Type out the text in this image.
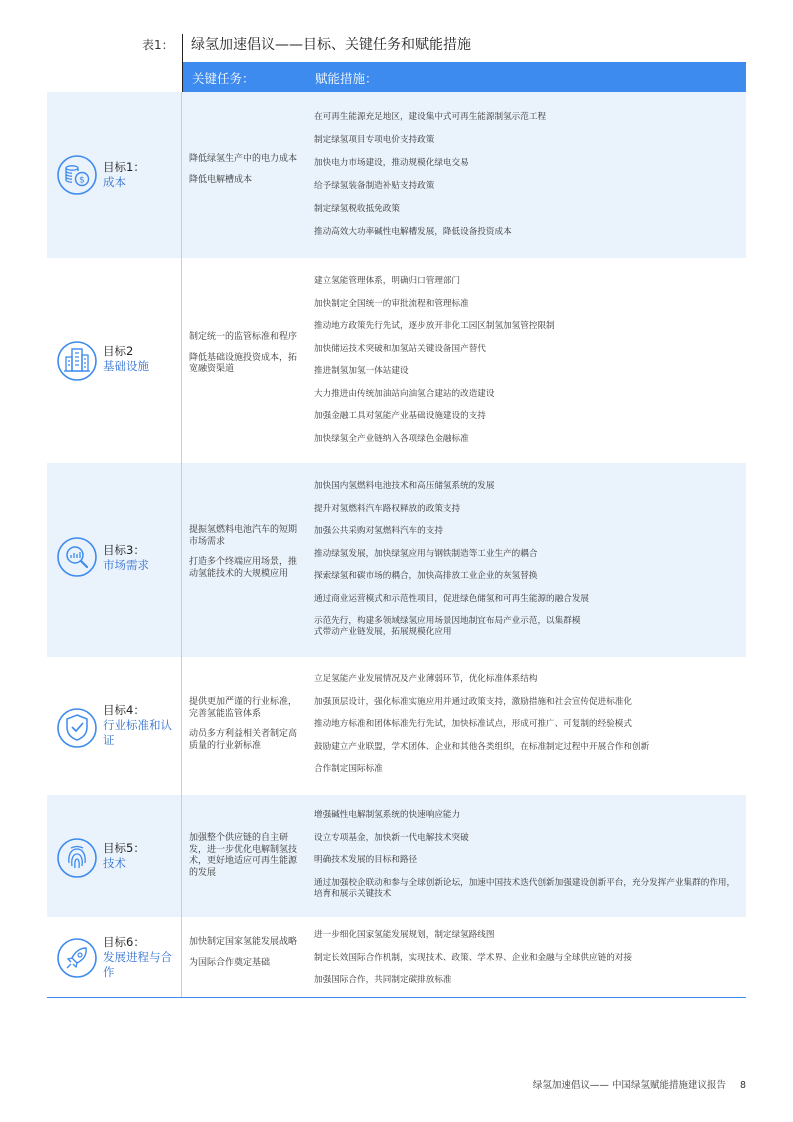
表1： 绿氢加速倡议——目标、关键任务和赋能措施
关键任务：	赋能措施：
$
目标1：
成本
降低绿氢生产中的电力成本
降低电解槽成本
在可再生能源充足地区，建设集中式可再生能源制氢示范工程
制定绿氢项目专项电价支持政策
加快电力市场建设，推动规模化绿电交易
给予绿氢装备制造补贴支持政策
制定绿氢税收抵免政策
推动高效大功率碱性电解槽发展，降低设备投资成本
目标2
基础设施
制定统一的监管标准和程序
降低基础设施投资成本，拓宽融资渠道
建立氢能管理体系，明确归口管理部门
加快制定全国统一的审批流程和管理标准
推动地方政策先行先试，逐步放开非化工园区制氢加氢管控限制
加快储运技术突破和加氢站关键设备国产替代
推进制氢加氢一体站建设
大力推进由传统加油站向油氢合建站的改造建设
加强金融工具对氢能产业基础设施建设的支持
加快绿氢全产业链纳入各项绿色金融标准
目标3：
市场需求
提振氢燃料电池汽车的短期市场需求
打造多个终端应用场景，推动氢能技术的大规模应用
加快国内氢燃料电池技术和高压储氢系统的发展
提升对氢燃料汽车路权释放的政策支持
加强公共采购对氢燃料汽车的支持
推动绿氢发展，加快绿氢应用与钢铁制造等工业生产的耦合
探索绿氢和碳市场的耦合，加快高排放工业企业的灰氢替换
通过商业运营模式和示范性项目，促进绿色储氢和可再生能源的融合发展
示范先行，构建多领域绿氢应用场景因地制宜布局产业示范，以集群模式带动产业链发展，拓展规模化应用
目标4：
行业标准和认证
提供更加严谨的行业标准，完善氢能监管体系
动员多方利益相关者制定高质量的行业新标准
立足氢能产业发展情况及产业薄弱环节，优化标准体系结构
加强顶层设计，强化标准实施应用并通过政策支持，激励措施和社会宣传促进标准化
推动地方标准和团体标准先行先试，加快标准试点，形成可推广、可复制的经验模式
鼓励建立产业联盟，学术团体、企业和其他各类组织，在标准制定过程中开展合作和创新
合作制定国际标准
目标5：
技术
加强整个供应链的自主研发，进一步优化电解制氢技术，更好地适应可再生能源的发展
增强碱性电解制氢系统的快速响应能力
设立专项基金，加快新一代电解技术突破
明确技术发展的目标和路径
通过加强校企联动和参与全球创新论坛，加速中国技术迭代创新加强建设创新平台，充分发挥产业集群的作用，培育和展示关键技术
目标6：
发展进程与合作
加快制定国家氢能发展战略
为国际合作奠定基础
进一步细化国家氢能发展规划，制定绿氢路线图
制定长效国际合作机制，实现技术、政策、学术界、企业和金融与全球供应链的对接
加强国际合作，共同制定碳排放标准
绿氢加速倡议—— 中国绿氢赋能措施建议报告 8
